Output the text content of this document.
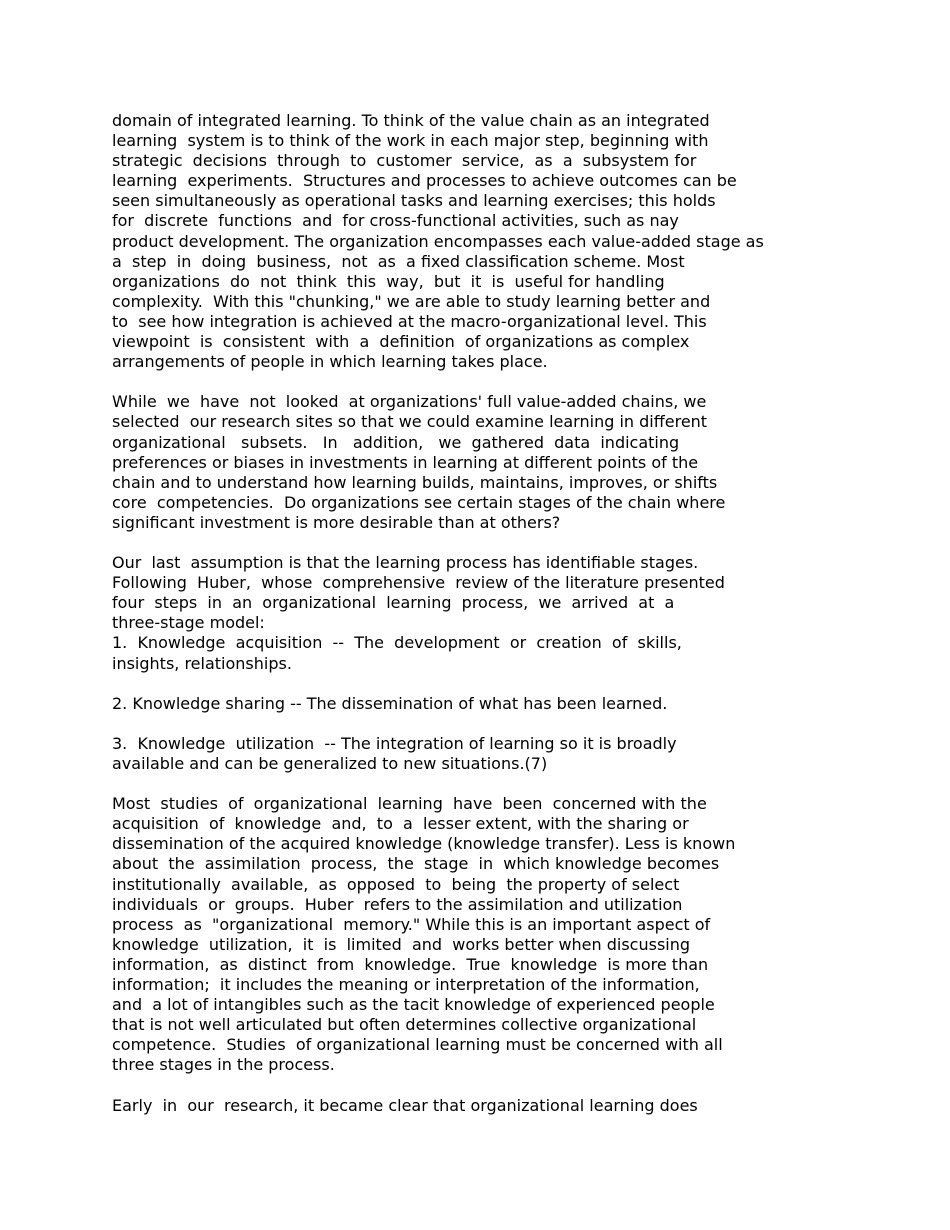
domain of integrated learning. To think of the value chain as an integrated
learning  system is to think of the work in each major step, beginning with
strategic  decisions  through  to  customer  service,  as  a  subsystem for
learning  experiments.  Structures and processes to achieve outcomes can be
seen simultaneously as operational tasks and learning exercises; this holds
for  discrete  functions  and  for cross-functional activities, such as nay
product development. The organization encompasses each value-added stage as
a  step  in  doing  business,  not  as  a fixed classification scheme. Most
organizations  do  not  think  this  way,  but  it  is  useful for handling
complexity.  With this "chunking," we are able to study learning better and
to  see how integration is achieved at the macro-organizational level. This
viewpoint  is  consistent  with  a  definition  of organizations as complex
arrangements of people in which learning takes place.
While  we  have  not  looked  at organizations' full value-added chains, we
selected  our research sites so that we could examine learning in different
organizational   subsets.   In   addition,   we  gathered  data  indicating
preferences or biases in investments in learning at different points of the
chain and to understand how learning builds, maintains, improves, or shifts
core  competencies.  Do organizations see certain stages of the chain where
significant investment is more desirable than at others?
Our  last  assumption is that the learning process has identifiable stages.
Following  Huber,  whose  comprehensive  review of the literature presented
four  steps  in  an  organizational  learning  process,  we  arrived  at  a
three-stage model:
1.  Knowledge  acquisition  --  The  development  or  creation  of  skills,
insights, relationships.
2. Knowledge sharing -- The dissemination of what has been learned.
3.  Knowledge  utilization  -- The integration of learning so it is broadly
available and can be generalized to new situations.(7)
Most  studies  of  organizational  learning  have  been  concerned with the
acquisition  of  knowledge  and,  to  a  lesser extent, with the sharing or
dissemination of the acquired knowledge (knowledge transfer). Less is known
about  the  assimilation  process,  the  stage  in  which knowledge becomes
institutionally  available,  as  opposed  to  being  the property of select
individuals  or  groups.  Huber  refers to the assimilation and utilization
process  as  "organizational  memory." While this is an important aspect of
knowledge  utilization,  it  is  limited  and  works better when discussing
information,  as  distinct  from  knowledge.  True  knowledge  is more than
information;  it includes the meaning or interpretation of the information,
and  a lot of intangibles such as the tacit knowledge of experienced people
that is not well articulated but often determines collective organizational
competence.  Studies  of organizational learning must be concerned with all
three stages in the process.
Early  in  our  research, it became clear that organizational learning does
